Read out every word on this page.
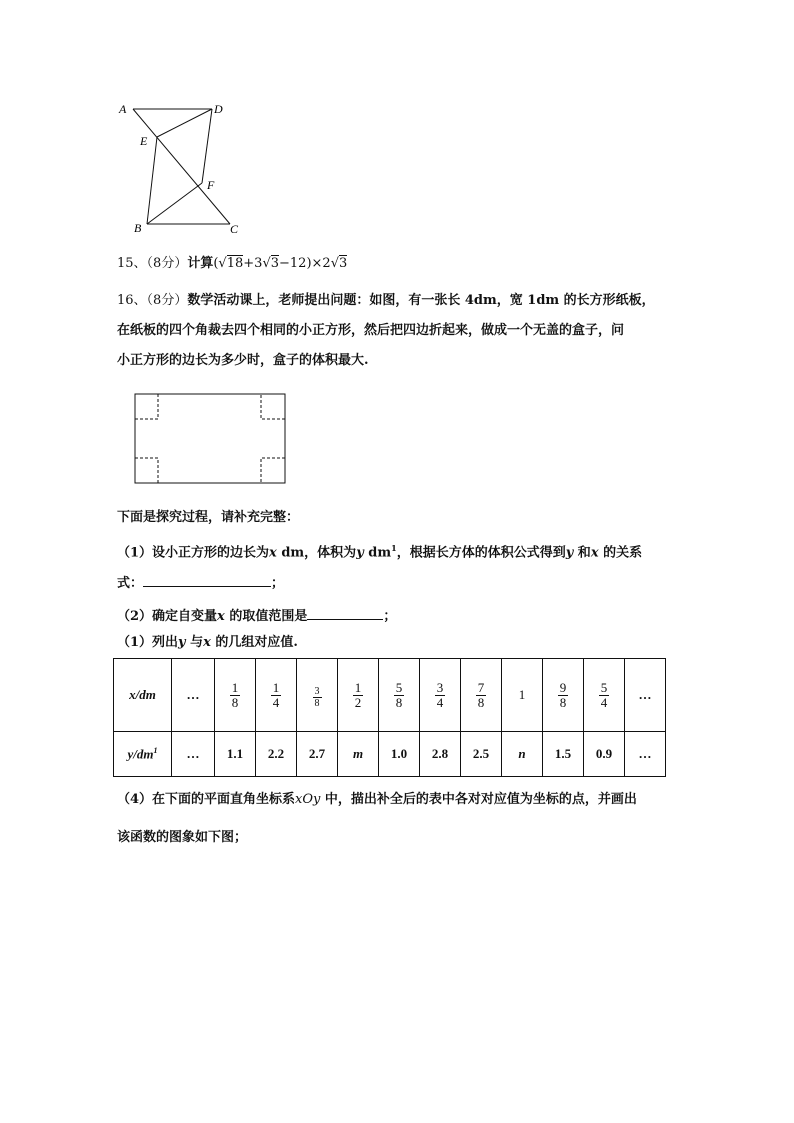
A	D
E
F
B	C
15、（8分）计算(√18+3√3−12)×2√3
16、（8分）数学活动课上，老师提出问题：如图，有一张长 4dm，宽 1dm 的长方形纸板，
在纸板的四个角裁去四个相同的小正方形，然后把四边折起来，做成一个无盖的盒子，问
小正方形的边长为多少时，盒子的体积最大.
下面是探究过程，请补充完整：
（1）设小正方形的边长为x dm，体积为y $dm^1$，根据长方体的体积公式得到y 和x 的关系
式：	；
（2）确定自变量x 的取值范围是	；
（1）列出y 与x 的几组对应值.
x/dm	…	$\frac{1}{8}$	$\frac{1}{4}$	$\frac{3}{8}$	$\frac{1}{2}$	$\frac{5}{8}$	$\frac{3}{4}$	$\frac{7}{8}$	1	$\frac{9}{8}$	$\frac{5}{4}$	…
$y/dm^1$	…	1.1	2.2	2.7	m	1.0	2.8	2.5	n	1.5	0.9	…
（4）在下面的平面直角坐标系xOy 中，描出补全后的表中各对对应值为坐标的点，并画出
该函数的图象如下图；
